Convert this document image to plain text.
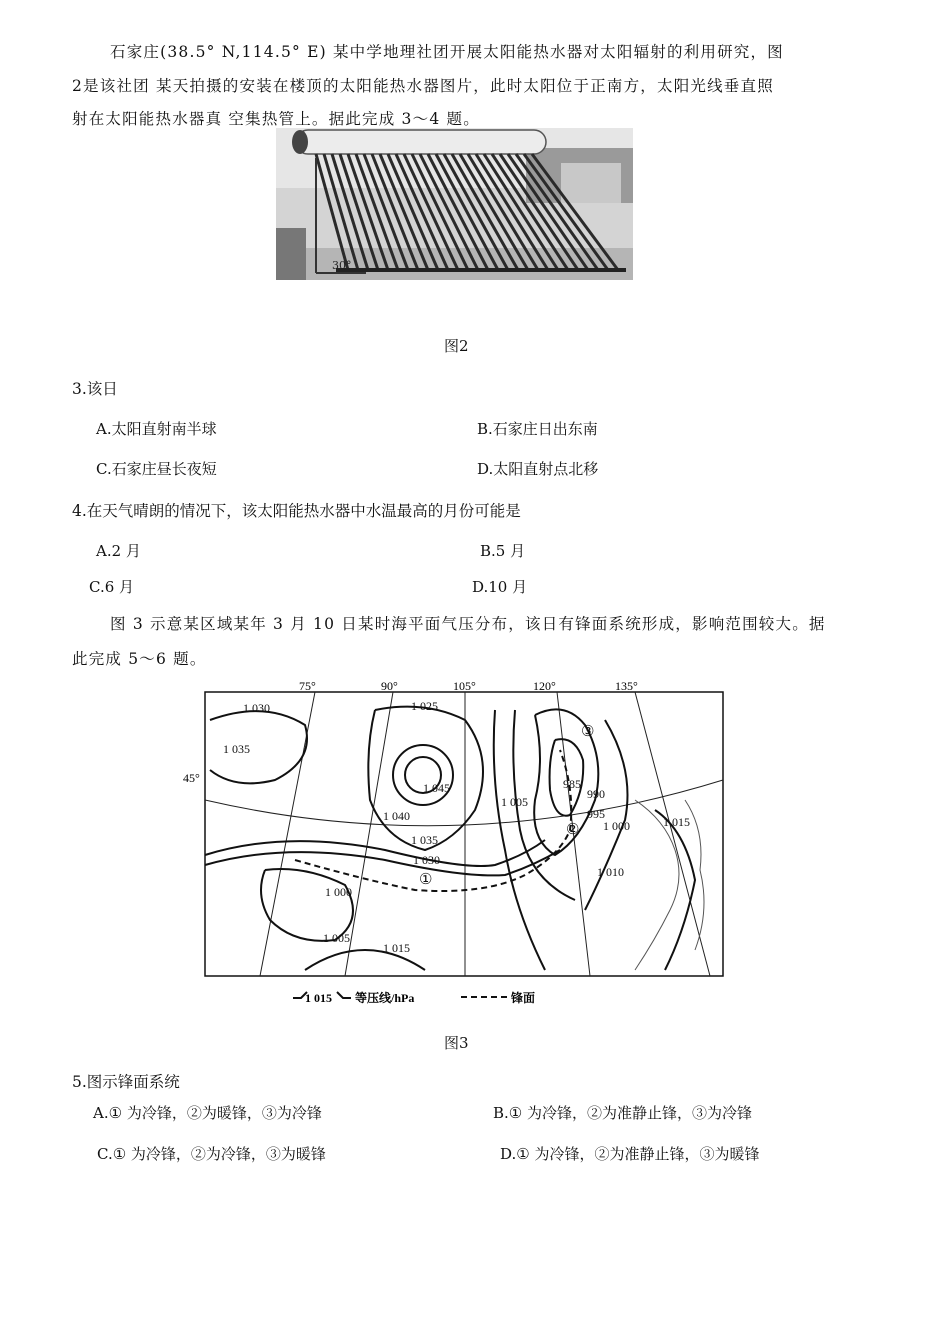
石家庄(38.5° N,114.5° E) 某中学地理社团开展太阳能热水器对太阳辐射的利用研究，图
2是该社团 某天拍摄的安装在楼顶的太阳能热水器图片，此时太阳位于正南方，太阳光线垂直照
射在太阳能热水器真 空集热管上。据此完成 3～4 题。
30°
图2
3.该日
A.太阳直射南半球	B.石家庄日出东南
C.石家庄昼长夜短	D.太阳直射点北移
4.在天气晴朗的情况下，该太阳能热水器中水温最高的月份可能是
A.2 月	B.5 月
C.6 月	D.10 月
图 3 示意某区域某年 3 月 10 日某时海平面气压分布，该日有锋面系统形成，影响范围较大。据
此完成 5～6 题。
75°	90°	105°	120°	135°
45°
1 030	1 025
1 035
1 045
1 040
1 035
1 030
1 000
1 005
1 015
1 015
1 010
1 005
1 000
995
990
985
①
②
③
1 015 等压线/hPa	锋面
图3
5.图示锋面系统
A.① 为冷锋，②为暖锋，③为冷锋	B.① 为冷锋，②为准静止锋，③为冷锋
C.① 为冷锋，②为冷锋，③为暖锋	D.① 为冷锋，②为准静止锋，③为暖锋
